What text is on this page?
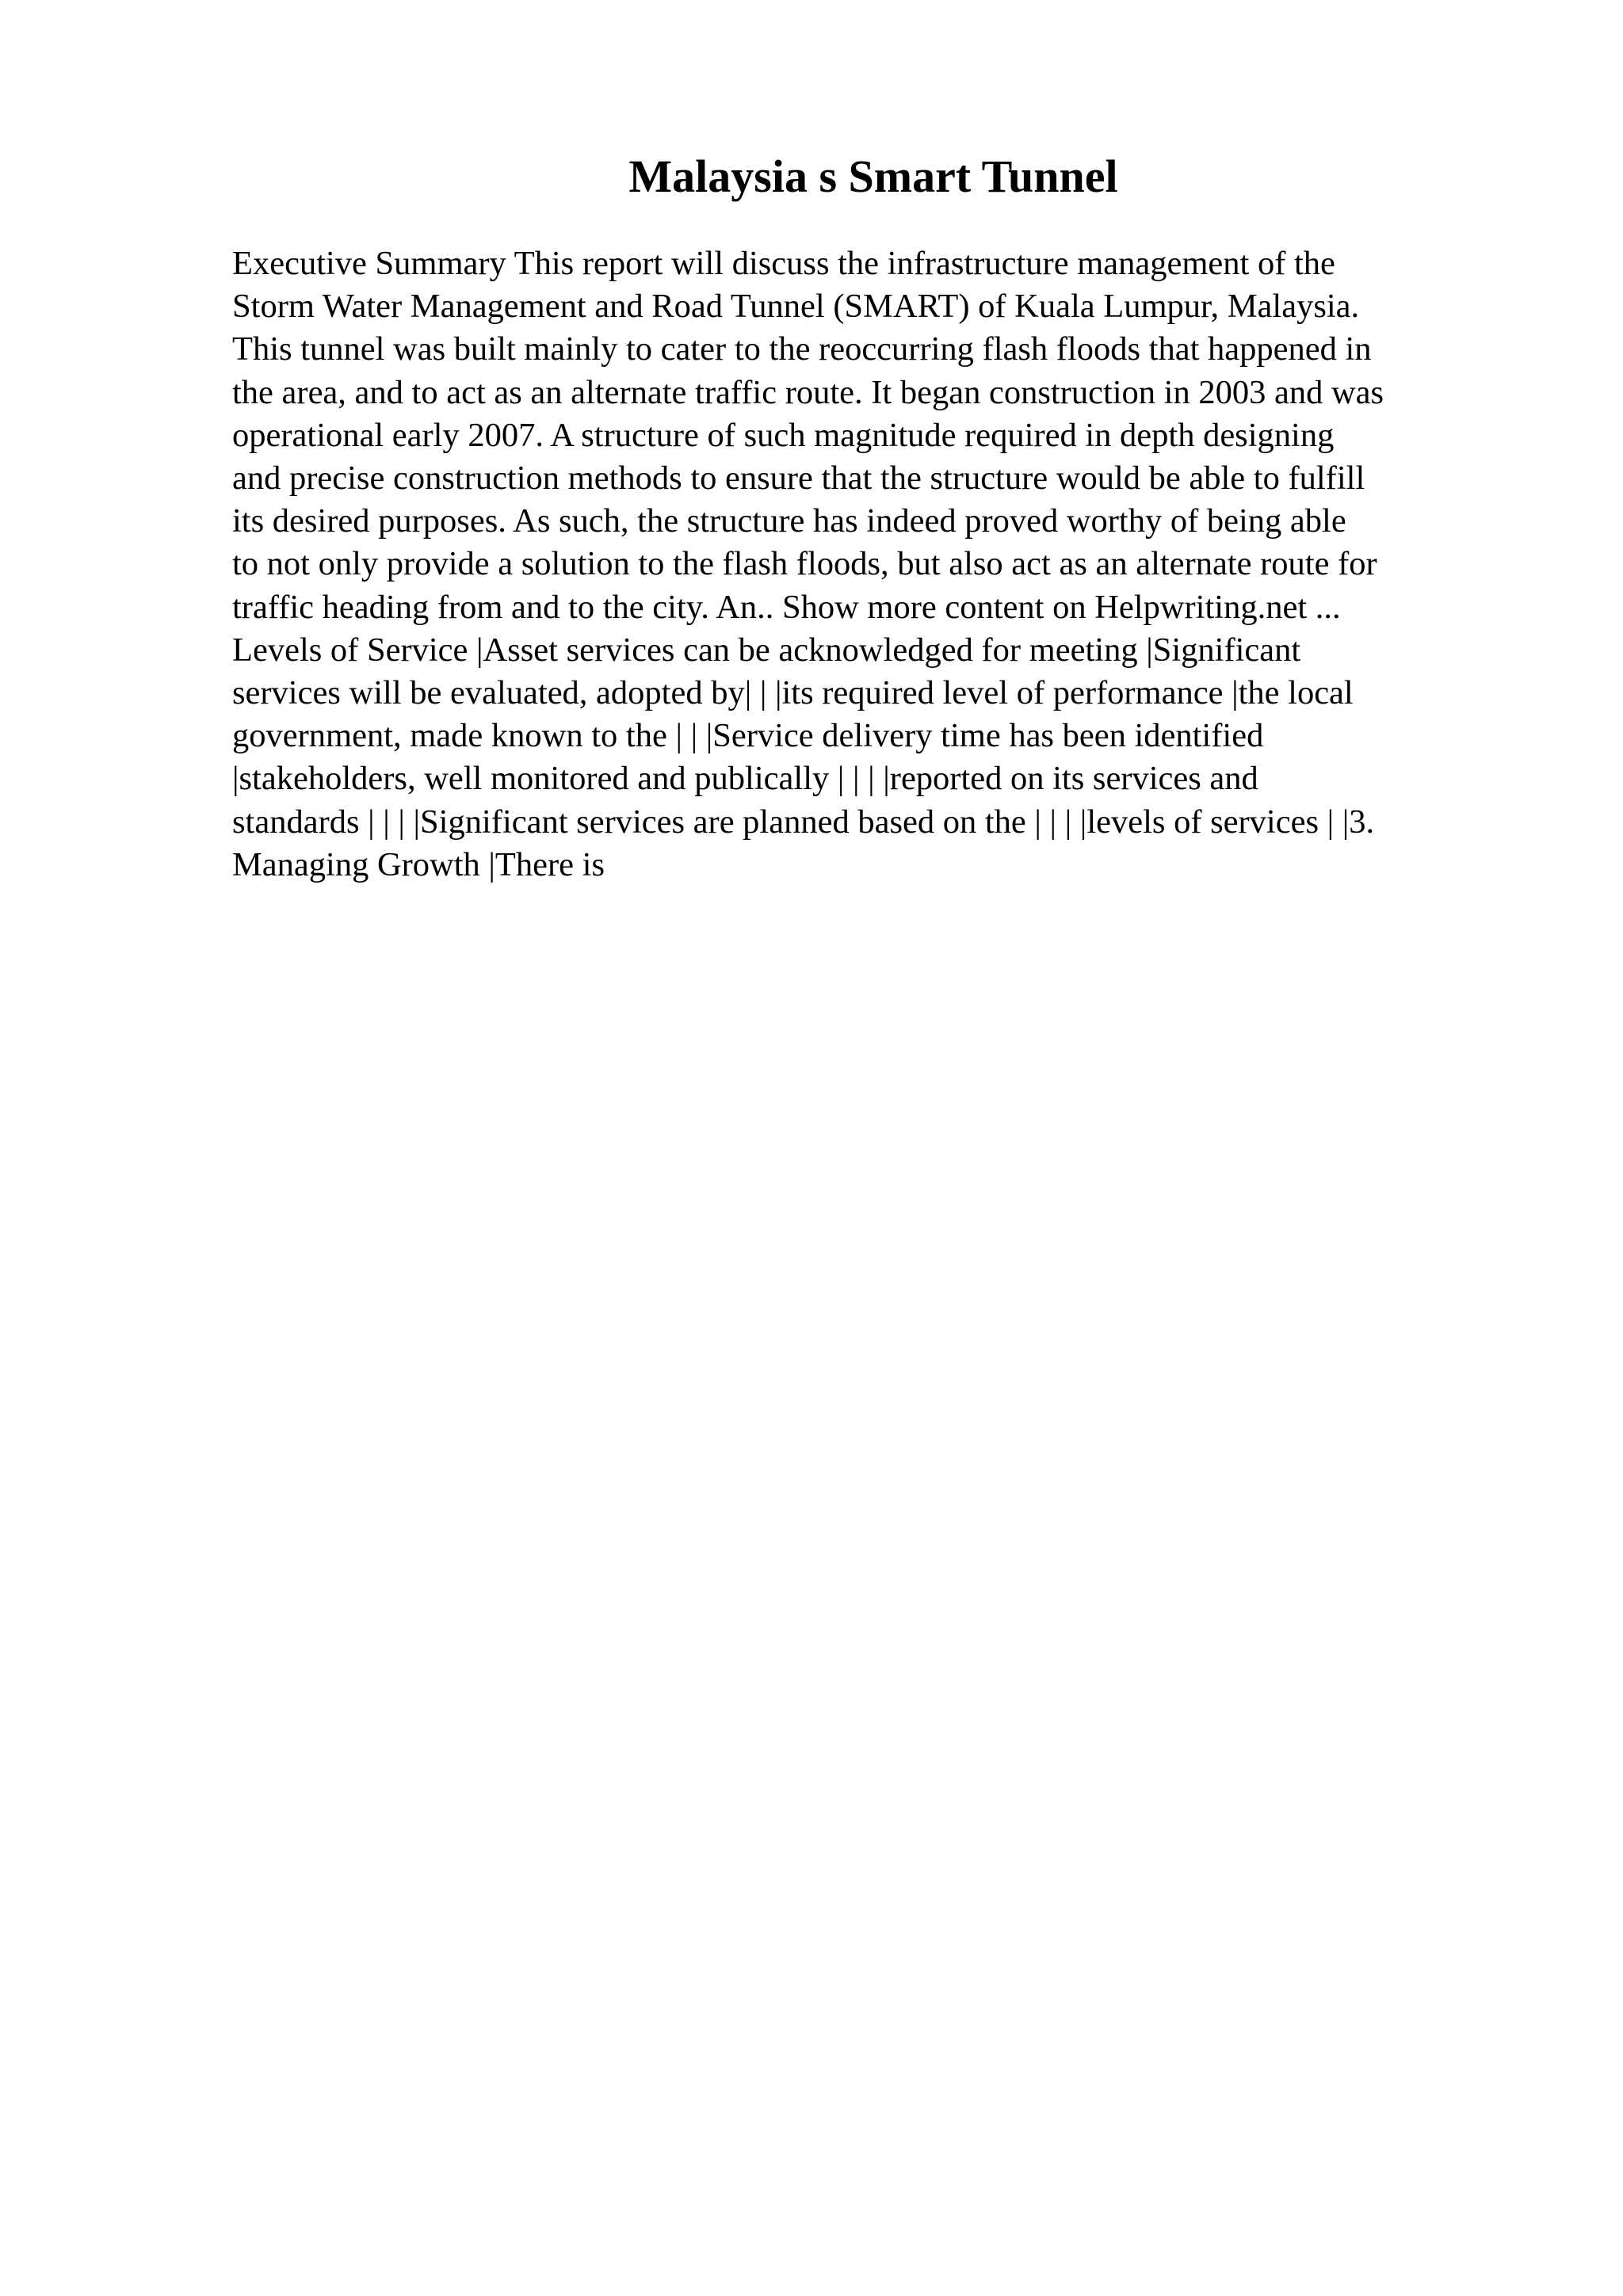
Malaysia s Smart Tunnel
Executive Summary This report will discuss the infrastructure management of the
Storm Water Management and Road Tunnel (SMART) of Kuala Lumpur, Malaysia.
This tunnel was built mainly to cater to the reoccurring flash floods that happened in
the area, and to act as an alternate traffic route. It began construction in 2003 and was
operational early 2007. A structure of such magnitude required in depth designing
and precise construction methods to ensure that the structure would be able to fulfill
its desired purposes. As such, the structure has indeed proved worthy of being able
to not only provide a solution to the flash floods, but also act as an alternate route for
traffic heading from and to the city. An.. Show more content on Helpwriting.net ...
Levels of Service |Asset services can be acknowledged for meeting |Significant
services will be evaluated, adopted by| | |its required level of performance |the local
government, made known to the | | |Service delivery time has been identified
|stakeholders, well monitored and publically | | | |reported on its services and
standards | | | |Significant services are planned based on the | | | |levels of services | |3.
Managing Growth |There is
